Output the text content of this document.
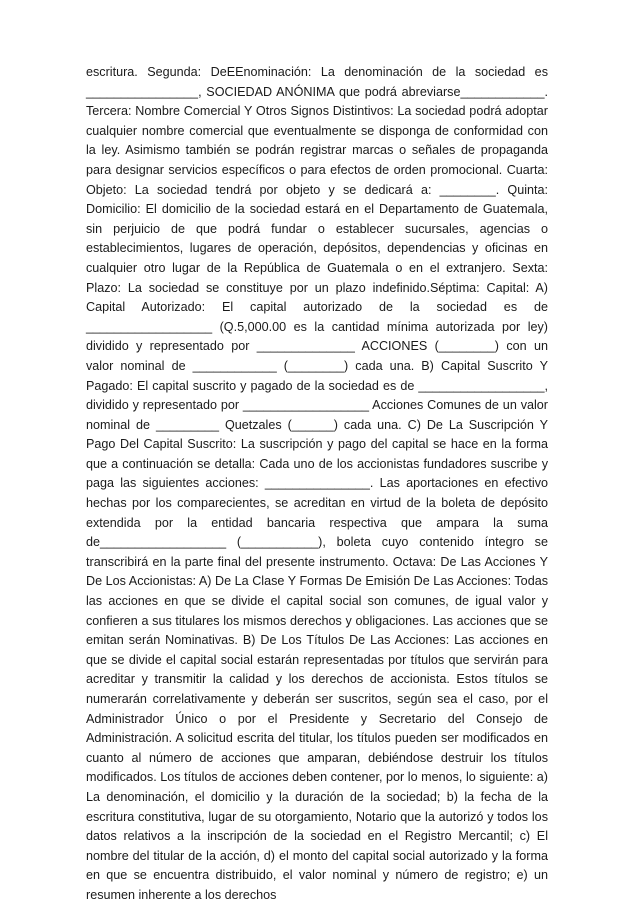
escritura. Segunda: DeEEnominación: La denominación de la sociedad es ________________, SOCIEDAD ANÓNIMA que podrá abreviarse____________. Tercera: Nombre Comercial Y Otros Signos Distintivos: La sociedad podrá adoptar cualquier nombre comercial que eventualmente se disponga de conformidad con la ley. Asimismo también se podrán registrar marcas o señales de propaganda para designar servicios específicos o para efectos de orden promocional. Cuarta: Objeto: La sociedad tendrá por objeto y se dedicará a: ________. Quinta: Domicilio: El domicilio de la sociedad estará en el Departamento de Guatemala, sin perjuicio de que podrá fundar o establecer sucursales, agencias o establecimientos, lugares de operación, depósitos, dependencias y oficinas en cualquier otro lugar de la República de Guatemala o en el extranjero. Sexta: Plazo: La sociedad se constituye por un plazo indefinido.Séptima: Capital: A) Capital Autorizado: El capital autorizado de la sociedad es de __________________ (Q.5,000.00 es la cantidad mínima autorizada por ley) dividido y representado por ______________ ACCIONES (________) con un valor nominal de ____________ (________) cada una. B) Capital Suscrito Y Pagado: El capital suscrito y pagado de la sociedad es de __________________, dividido y representado por __________________ Acciones Comunes de un valor nominal de _________ Quetzales (______) cada una. C) De La Suscripción Y Pago Del Capital Suscrito: La suscripción y pago del capital se hace en la forma que a continuación se detalla: Cada uno de los accionistas fundadores suscribe y paga las siguientes acciones: _______________. Las aportaciones en efectivo hechas por los comparecientes, se acreditan en virtud de la boleta de depósito extendida por la entidad bancaria respectiva que ampara la suma de__________________ (___________), boleta cuyo contenido íntegro se transcribirá en la parte final del presente instrumento. Octava: De Las Acciones Y De Los Accionistas: A) De La Clase Y Formas De Emisión De Las Acciones: Todas las acciones en que se divide el capital social son comunes, de igual valor y confieren a sus titulares los mismos derechos y obligaciones. Las acciones que se emitan serán Nominativas. B) De Los Títulos De Las Acciones: Las acciones en que se divide el capital social estarán representadas por títulos que servirán para acreditar y transmitir la calidad y los derechos de accionista. Estos títulos se numerarán correlativamente y deberán ser suscritos, según sea el caso, por el Administrador Único o por el Presidente y Secretario del Consejo de Administración. A solicitud escrita del titular, los títulos pueden ser modificados en cuanto al número de acciones que amparan, debiéndose destruir los títulos modificados. Los títulos de acciones deben contener, por lo menos, lo siguiente: a) La denominación, el domicilio y la duración de la sociedad; b) la fecha de la escritura constitutiva, lugar de su otorgamiento, Notario que la autorizó y todos los datos relativos a la inscripción de la sociedad en el Registro Mercantil; c) El nombre del titular de la acción, d) el monto del capital social autorizado y la forma en que se encuentra distribuido, el valor nominal y número de registro; e) un resumen inherente a los derechos
